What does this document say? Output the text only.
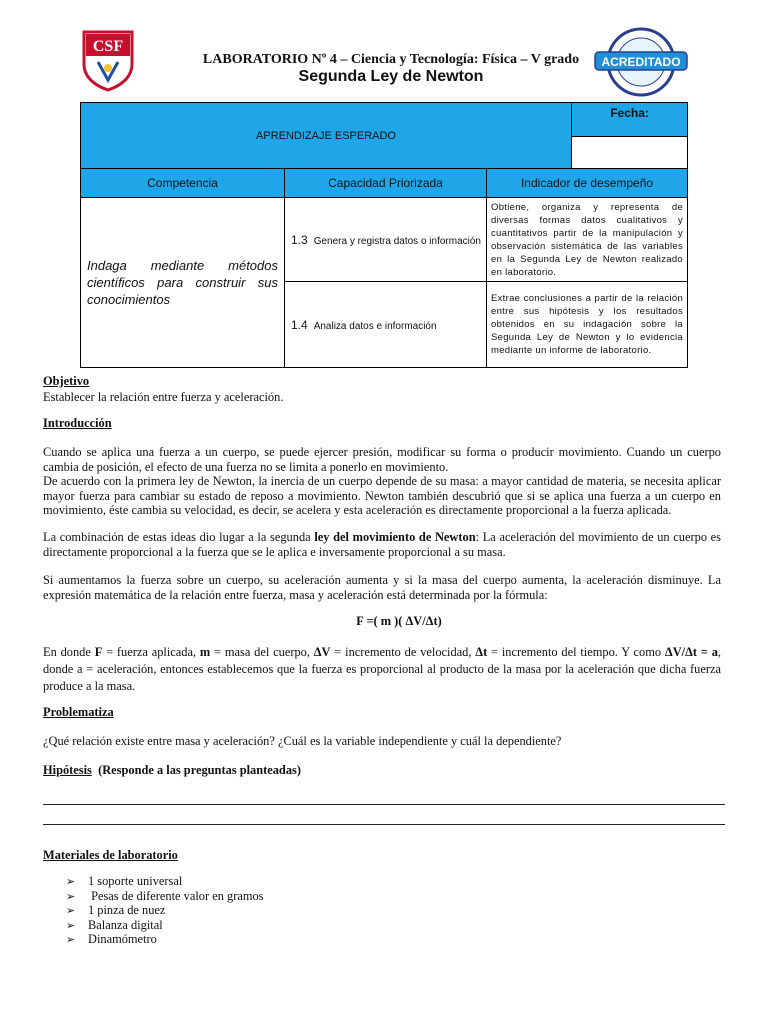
CSF
LABORATORIO Nº 4 – Ciencia y Tecnología: Física – V grado
Segunda Ley de Newton
ACREDITADO
APRENDIZAJE ESPERADO			Fecha:

Competencia	Capacidad Priorizada	Indicador de desempeño	
Indaga mediante métodos científicos para construir sus conocimientos	1.3 Genera y registra datos o información	Obtiene, organiza y representa de diversas formas datos cualitativos y cuantitativos partir de la manipulación y observación sistemática de las variables en la Segunda Ley de Newton realizado en laboratorio.	
	1.4 Analiza datos e información	Extrae conclusiones a partir de la relación entre sus hipótesis y los resultados obtenidos en su indagación sobre la Segunda Ley de Newton y lo evidencia mediante un informe de laboratorio.	
Objetivo
Establecer la relación entre fuerza y aceleración.
Introducción
Cuando se aplica una fuerza a un cuerpo, se puede ejercer presión, modificar su forma o producir movimiento. Cuando un cuerpo cambia de posición, el efecto de una fuerza no se limita a ponerlo en movimiento.
De acuerdo con la primera ley de Newton, la inercia de un cuerpo depende de su masa: a mayor cantidad de materia, se necesita aplicar mayor fuerza para cambiar su estado de reposo a movimiento. Newton también descubrió que si se aplica una fuerza a un cuerpo en movimiento, éste cambia su velocidad, es decir, se acelera y esta aceleración es directamente proporcional a la fuerza aplicada.
La combinación de estas ideas dio lugar a la segunda ley del movimiento de Newton: La aceleración del movimiento de un cuerpo es directamente proporcional a la fuerza que se le aplica e inversamente proporcional a su masa.
Si aumentamos la fuerza sobre un cuerpo, su aceleración aumenta y si la masa del cuerpo aumenta, la aceleración disminuye. La expresión matemática de la relación entre fuerza, masa y aceleración está determinada por la fórmula:
F =( m )( ΔV/Δt)
En donde F = fuerza aplicada, m = masa del cuerpo, ΔV = incremento de velocidad, Δt = incremento del tiempo. Y como ΔV/Δt = a, donde a = aceleración, entonces establecemos que la fuerza es proporcional al producto de la masa por la aceleración que dicha fuerza produce a la masa.
Problematiza
¿Qué relación existe entre masa y aceleración? ¿Cuál es la variable independiente y cuál la dependiente?
Hipótesis (Responde a las preguntas planteadas)
Materiales de laboratorio
➢ 1 soporte universal
➢ Pesas de diferente valor en gramos
➢ 1 pinza de nuez
➢ Balanza digital
➢ Dinamómetro
